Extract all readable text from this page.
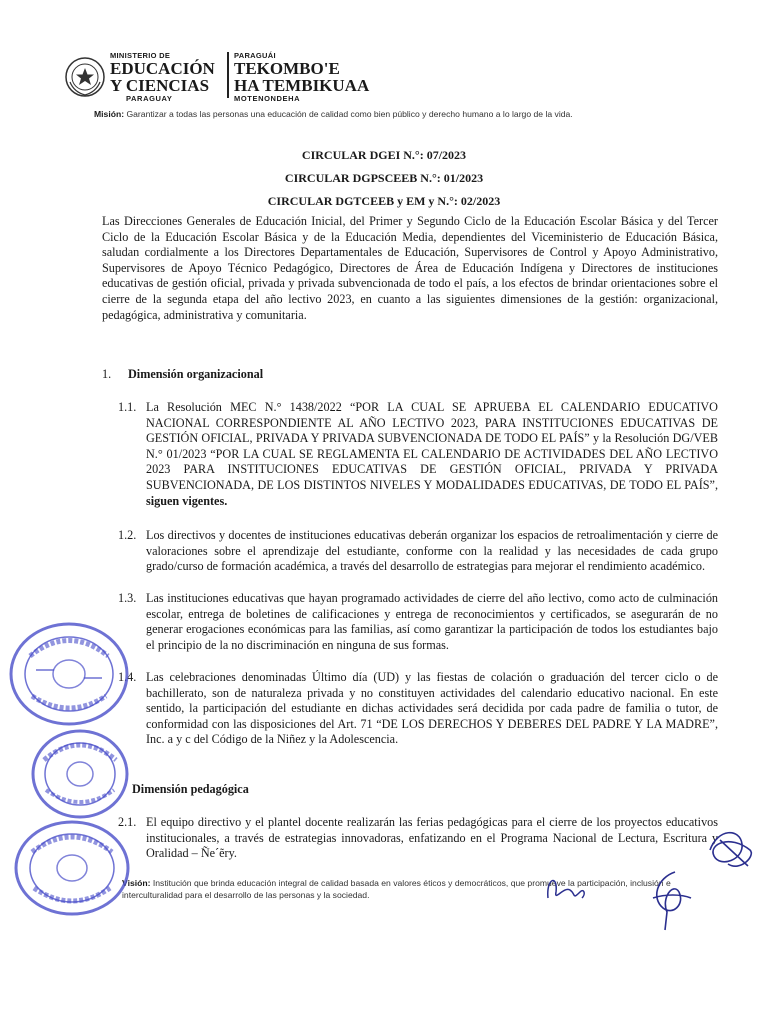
MINISTERIO DE
EDUCACIÓN
Y CIENCIAS
PARAGUAY
PARAGUÁI
TEKOMBO'E
HA TEMBIKUAA
MOTENONDEHA
Misión: Garantizar a todas las personas una educación de calidad como bien público y derecho humano a lo largo de la vida.
CIRCULAR DGEI N.°: 07/2023
CIRCULAR DGPSCEEB N.°: 01/2023
CIRCULAR DGTCEEB y EM y N.°: 02/2023
Las Direcciones Generales de Educación Inicial, del Primer y Segundo Ciclo de la Educación Escolar Básica y del Tercer Ciclo de la Educación Escolar Básica y de la Educación Media, dependientes del Viceministerio de Educación Básica, saludan cordialmente a los Directores Departamentales de Educación, Supervisores de Control y Apoyo Administrativo, Supervisores de Apoyo Técnico Pedagógico, Directores de Área de Educación Indígena y Directores de instituciones educativas de gestión oficial, privada y privada subvencionada de todo el país, a los efectos de brindar orientaciones sobre el cierre de la segunda etapa del año lectivo 2023, en cuanto a las siguientes dimensiones de la gestión: organizacional, pedagógica, administrativa y comunitaria.
1. Dimensión organizacional
1.1. La Resolución MEC N.° 1438/2022 “POR LA CUAL SE APRUEBA EL CALENDARIO EDUCATIVO NACIONAL CORRESPONDIENTE AL AÑO LECTIVO 2023, PARA INSTITUCIONES EDUCATIVAS DE GESTIÓN OFICIAL, PRIVADA Y PRIVADA SUBVENCIONADA DE TODO EL PAÍS” y la Resolución DG/VEB N.° 01/2023 “POR LA CUAL SE REGLAMENTA EL CALENDARIO DE ACTIVIDADES DEL AÑO LECTIVO 2023 PARA INSTITUCIONES EDUCATIVAS DE GESTIÓN OFICIAL, PRIVADA Y PRIVADA SUBVENCIONADA, DE LOS DISTINTOS NIVELES Y MODALIDADES EDUCATIVAS, DE TODO EL PAÍS”, siguen vigentes.
1.2. Los directivos y docentes de instituciones educativas deberán organizar los espacios de retroalimentación y cierre de valoraciones sobre el aprendizaje del estudiante, conforme con la realidad y las necesidades de cada grupo grado/curso de formación académica, a través del desarrollo de estrategias para mejorar el rendimiento académico.
1.3. Las instituciones educativas que hayan programado actividades de cierre del año lectivo, como acto de culminación escolar, entrega de boletines de calificaciones y entrega de reconocimientos y certificados, se asegurarán de no generar erogaciones económicas para las familias, así como garantizar la participación de todos los estudiantes bajo el principio de la no discriminación en ninguna de sus formas.
1.4. Las celebraciones denominadas Último día (UD) y las fiestas de colación o graduación del tercer ciclo o de bachillerato, son de naturaleza privada y no constituyen actividades del calendario educativo nacional. En este sentido, la participación del estudiante en dichas actividades será decidida por cada padre de familia o tutor, de conformidad con las disposiciones del Art. 71 “DE LOS DERECHOS Y DEBERES DEL PADRE Y LA MADRE”, Inc. a y c del Código de la Niñez y la Adolescencia.
Dimensión pedagógica
2.1. El equipo directivo y el plantel docente realizarán las ferias pedagógicas para el cierre de los proyectos educativos institucionales, a través de estrategias innovadoras, enfatizando en el Programa Nacional de Lectura, Escritura y Oralidad – Ñe´ẽry.
Visión: Institución que brinda educación integral de calidad basada en valores éticos y democráticos, que promueve la participación, inclusión e interculturalidad para el desarrollo de las personas y la sociedad.
